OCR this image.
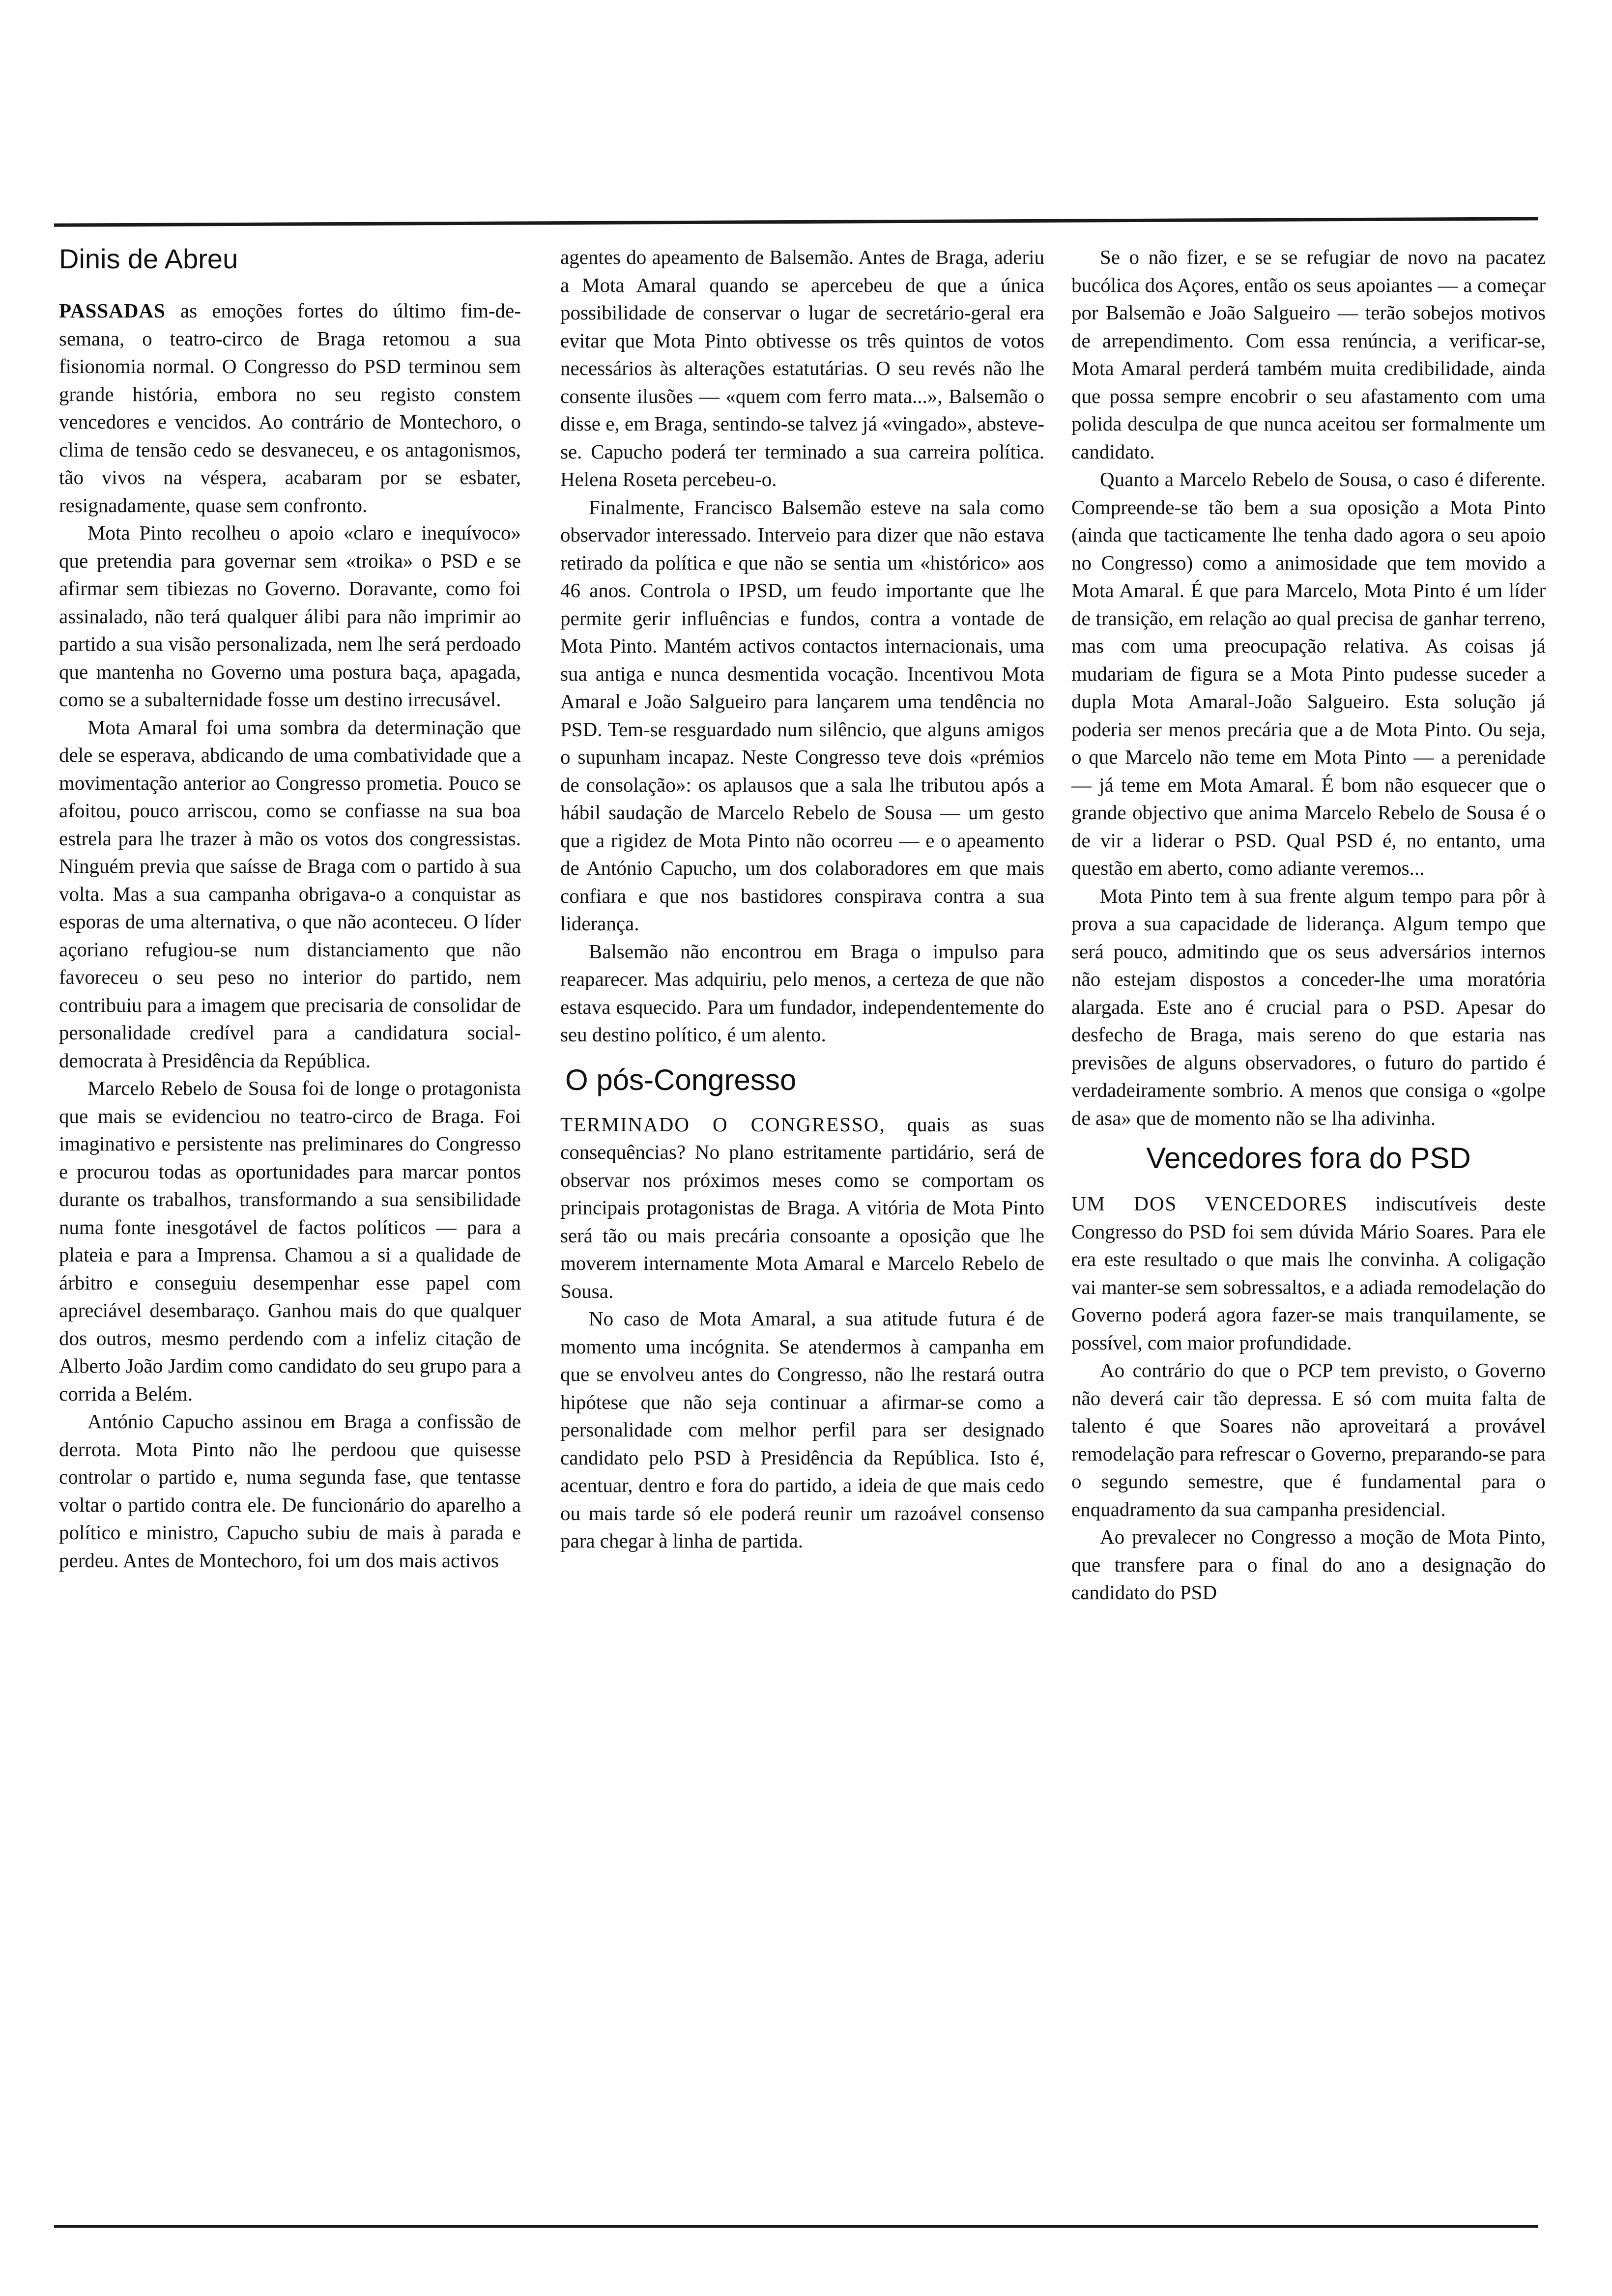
Dinis de Abreu

PASSADAS as emoções fortes do último fim-de-semana, o teatro-circo de Braga retomou a sua fisionomia normal. O Congresso do PSD terminou sem grande história, embora no seu registo constem vencedores e vencidos. Ao contrário de Montechoro, o clima de tensão cedo se desvaneceu, e os antagonismos, tão vivos na véspera, acabaram por se esbater, resignadamente, quase sem confronto.

Mota Pinto recolheu o apoio «claro e inequívoco» que pretendia para governar sem «troika» o PSD e se afirmar sem tibiezas no Governo. Doravante, como foi assinalado, não terá qualquer álibi para não imprimir ao partido a sua visão personalizada, nem lhe será perdoado que mantenha no Governo uma postura baça, apagada, como se a subalternidade fosse um destino irrecusável.

Mota Amaral foi uma sombra da determinação que dele se esperava, abdicando de uma combatividade que a movimentação anterior ao Congresso prometia. Pouco se afoitou, pouco arriscou, como se confiasse na sua boa estrela para lhe trazer à mão os votos dos congressistas. Ninguém previa que saísse de Braga com o partido à sua volta. Mas a sua campanha obrigava-o a conquistar as esporas de uma alternativa, o que não aconteceu. O líder açoriano refugiou-se num distanciamento que não favoreceu o seu peso no interior do partido, nem contribuiu para a imagem que precisaria de consolidar de personalidade credível para a candidatura social-democrata à Presidência da República.

Marcelo Rebelo de Sousa foi de longe o protagonista que mais se evidenciou no teatro-circo de Braga. Foi imaginativo e persistente nas preliminares do Congresso e procurou todas as oportunidades para marcar pontos durante os trabalhos, transformando a sua sensibilidade numa fonte inesgotável de factos políticos — para a plateia e para a Imprensa. Chamou a si a qualidade de árbitro e conseguiu desempenhar esse papel com apreciável desembaraço. Ganhou mais do que qualquer dos outros, mesmo perdendo com a infeliz citação de Alberto João Jardim como candidato do seu grupo para a corrida a Belém.

António Capucho assinou em Braga a confissão de derrota. Mota Pinto não lhe perdoou que quisesse controlar o partido e, numa segunda fase, que tentasse voltar o partido contra ele. De funcionário do aparelho a político e ministro, Capucho subiu de mais à parada e perdeu. Antes de Montechoro, foi um dos mais activos

agentes do apeamento de Balsemão. Antes de Braga, aderiu a Mota Amaral quando se apercebeu de que a única possibilidade de conservar o lugar de secretário-geral era evitar que Mota Pinto obtivesse os três quintos de votos necessários às alterações estatutárias. O seu revés não lhe consente ilusões — «quem com ferro mata...», Balsemão o disse e, em Braga, sentindo-se talvez já «vingado», absteve-se. Capucho poderá ter terminado a sua carreira política. Helena Roseta percebeu-o.

Finalmente, Francisco Balsemão esteve na sala como observador interessado. Interveio para dizer que não estava retirado da política e que não se sentia um «histórico» aos 46 anos. Controla o IPSD, um feudo importante que lhe permite gerir influências e fundos, contra a vontade de Mota Pinto. Mantém activos contactos internacionais, uma sua antiga e nunca desmentida vocação. Incentivou Mota Amaral e João Salgueiro para lançarem uma tendência no PSD. Tem-se resguardado num silêncio, que alguns amigos o supunham incapaz. Neste Congresso teve dois «prémios de consolação»: os aplausos que a sala lhe tributou após a hábil saudação de Marcelo Rebelo de Sousa — um gesto que a rigidez de Mota Pinto não ocorreu — e o apeamento de António Capucho, um dos colaboradores em que mais confiara e que nos bastidores conspirava contra a sua liderança.

Balsemão não encontrou em Braga o impulso para reaparecer. Mas adquiriu, pelo menos, a certeza de que não estava esquecido. Para um fundador, independentemente do seu destino político, é um alento.

O pós-Congresso

TERMINADO O CONGRESSO, quais as suas consequências? No plano estritamente partidário, será de observar nos próximos meses como se comportam os principais protagonistas de Braga. A vitória de Mota Pinto será tão ou mais precária consoante a oposição que lhe moverem internamente Mota Amaral e Marcelo Rebelo de Sousa.

No caso de Mota Amaral, a sua atitude futura é de momento uma incógnita. Se atendermos à campanha em que se envolveu antes do Congresso, não lhe restará outra hipótese que não seja continuar a afirmar-se como a personalidade com melhor perfil para ser designado candidato pelo PSD à Presidência da República. Isto é, acentuar, dentro e fora do partido, a ideia de que mais cedo ou mais tarde só ele poderá reunir um razoável consenso para chegar à linha de partida.

Se o não fizer, e se se refugiar de novo na pacatez bucólica dos Açores, então os seus apoiantes — a começar por Balsemão e João Salgueiro — terão sobejos motivos de arrependimento. Com essa renúncia, a verificar-se, Mota Amaral perderá também muita credibilidade, ainda que possa sempre encobrir o seu afastamento com uma polida desculpa de que nunca aceitou ser formalmente um candidato.

Quanto a Marcelo Rebelo de Sousa, o caso é diferente. Compreende-se tão bem a sua oposição a Mota Pinto (ainda que tacticamente lhe tenha dado agora o seu apoio no Congresso) como a animosidade que tem movido a Mota Amaral. É que para Marcelo, Mota Pinto é um líder de transição, em relação ao qual precisa de ganhar terreno, mas com uma preocupação relativa. As coisas já mudariam de figura se a Mota Pinto pudesse suceder a dupla Mota Amaral-João Salgueiro. Esta solução já poderia ser menos precária que a de Mota Pinto. Ou seja, o que Marcelo não teme em Mota Pinto — a perenidade — já teme em Mota Amaral. É bom não esquecer que o grande objectivo que anima Marcelo Rebelo de Sousa é o de vir a liderar o PSD. Qual PSD é, no entanto, uma questão em aberto, como adiante veremos...

Mota Pinto tem à sua frente algum tempo para pôr à prova a sua capacidade de liderança. Algum tempo que será pouco, admitindo que os seus adversários internos não estejam dispostos a conceder-lhe uma moratória alargada. Este ano é crucial para o PSD. Apesar do desfecho de Braga, mais sereno do que estaria nas previsões de alguns observadores, o futuro do partido é verdadeiramente sombrio. A menos que consiga o «golpe de asa» que de momento não se lha adivinha.

Vencedores fora do PSD

UM DOS VENCEDORES indiscutíveis deste Congresso do PSD foi sem dúvida Mário Soares. Para ele era este resultado o que mais lhe convinha. A coligação vai manter-se sem sobressaltos, e a adiada remodelação do Governo poderá agora fazer-se mais tranquilamente, se possível, com maior profundidade.

Ao contrário do que o PCP tem previsto, o Governo não deverá cair tão depressa. E só com muita falta de talento é que Soares não aproveitará a provável remodelação para refrescar o Governo, preparando-se para o segundo semestre, que é fundamental para o enquadramento da sua campanha presidencial.

Ao prevalecer no Congresso a moção de Mota Pinto, que transfere para o final do ano a designação do candidato do PSD
